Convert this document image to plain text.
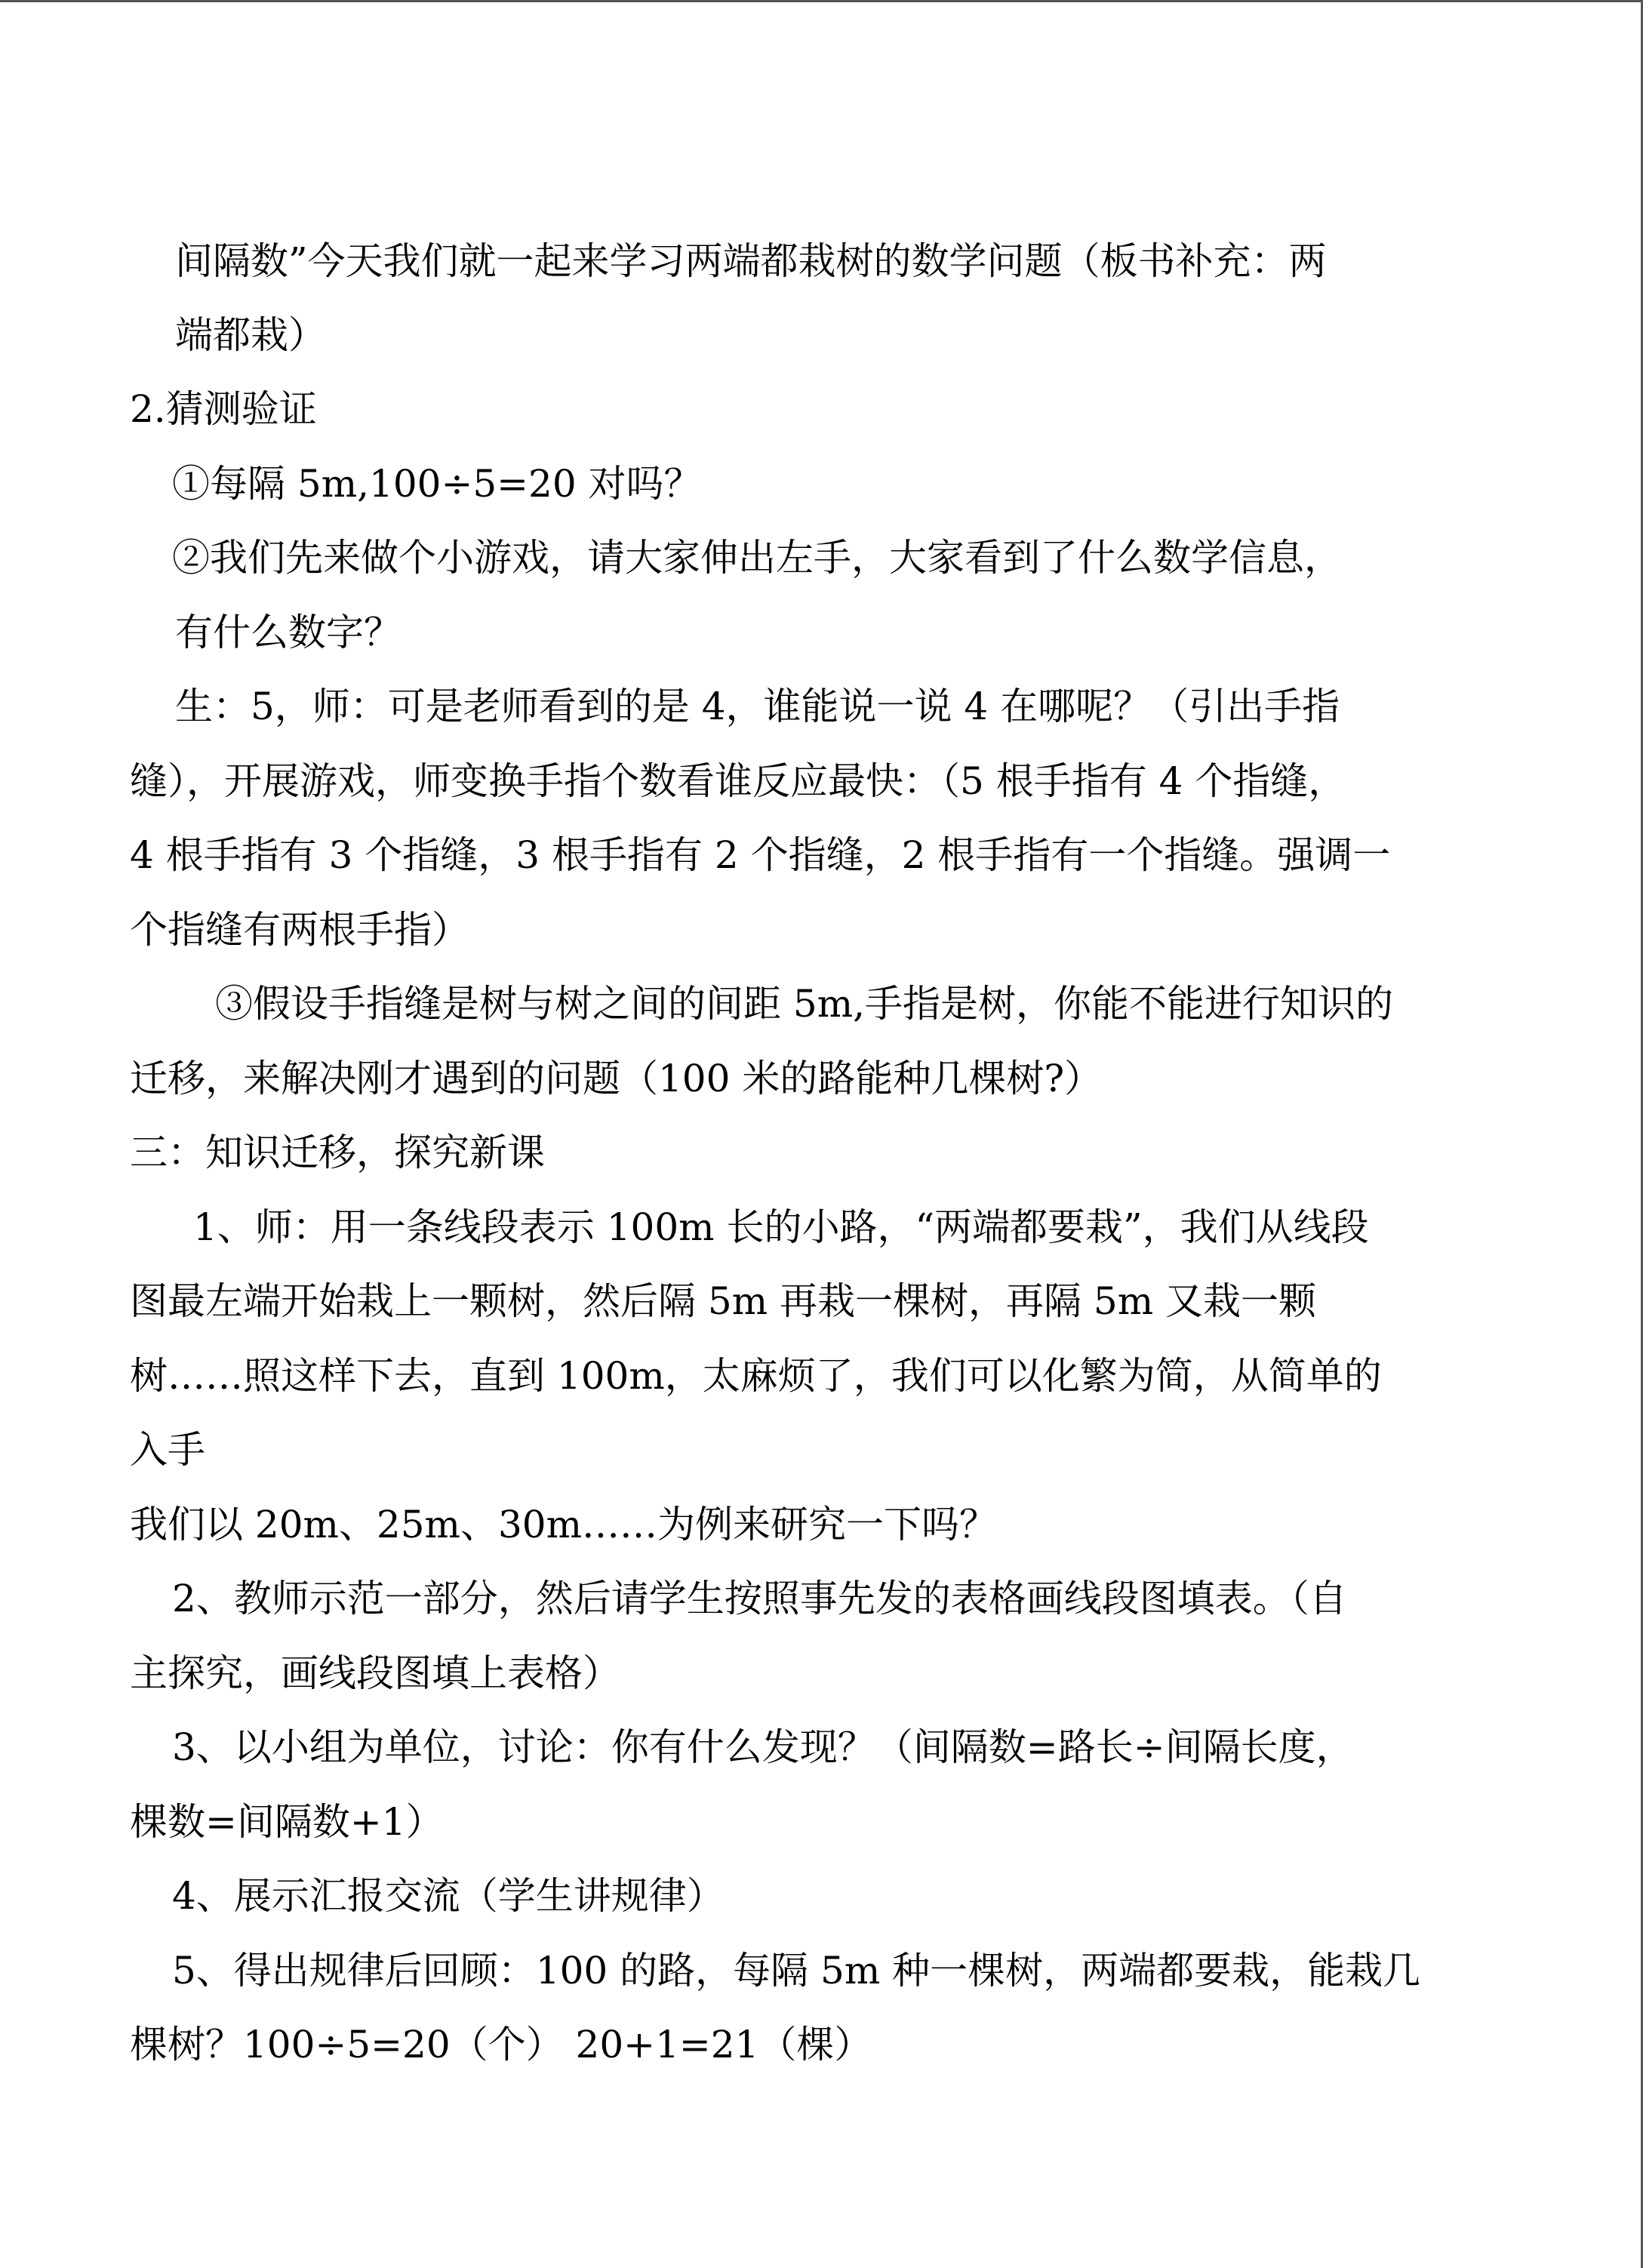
间隔数”今天我们就一起来学习两端都栽树的数学问题（板书补充：两

端都栽）

2.猜测验证

①每隔 5m,100÷5=20 对吗？

②我们先来做个小游戏，请大家伸出左手，大家看到了什么数学信息，

有什么数字？

生：5，师：可是老师看到的是 4，谁能说一说 4 在哪呢？（引出手指

缝），开展游戏，师变换手指个数看谁反应最快：（5 根手指有 4 个指缝，

4 根手指有 3 个指缝，3 根手指有 2 个指缝，2 根手指有一个指缝。强调一

个指缝有两根手指）

③假设手指缝是树与树之间的间距 5m,手指是树，你能不能进行知识的

迁移，来解决刚才遇到的问题（100 米的路能种几棵树?）

三：知识迁移，探究新课

1、师：用一条线段表示 100m 长的小路，“两端都要栽”，我们从线段

图最左端开始栽上一颗树，然后隔 5m 再栽一棵树，再隔 5m 又栽一颗

树……照这样下去，直到 100m，太麻烦了，我们可以化繁为简，从简单的

入手

我们以 20m、25m、30m……为例来研究一下吗？

2、教师示范一部分，然后请学生按照事先发的表格画线段图填表。（自

主探究，画线段图填上表格）

3、以小组为单位，讨论：你有什么发现？（间隔数=路长÷间隔长度，

棵数=间隔数+1）

4、展示汇报交流（学生讲规律）

5、得出规律后回顾：100 的路，每隔 5m 种一棵树，两端都要栽，能栽几

棵树？100÷5=20（个） 20+1=21（棵）
